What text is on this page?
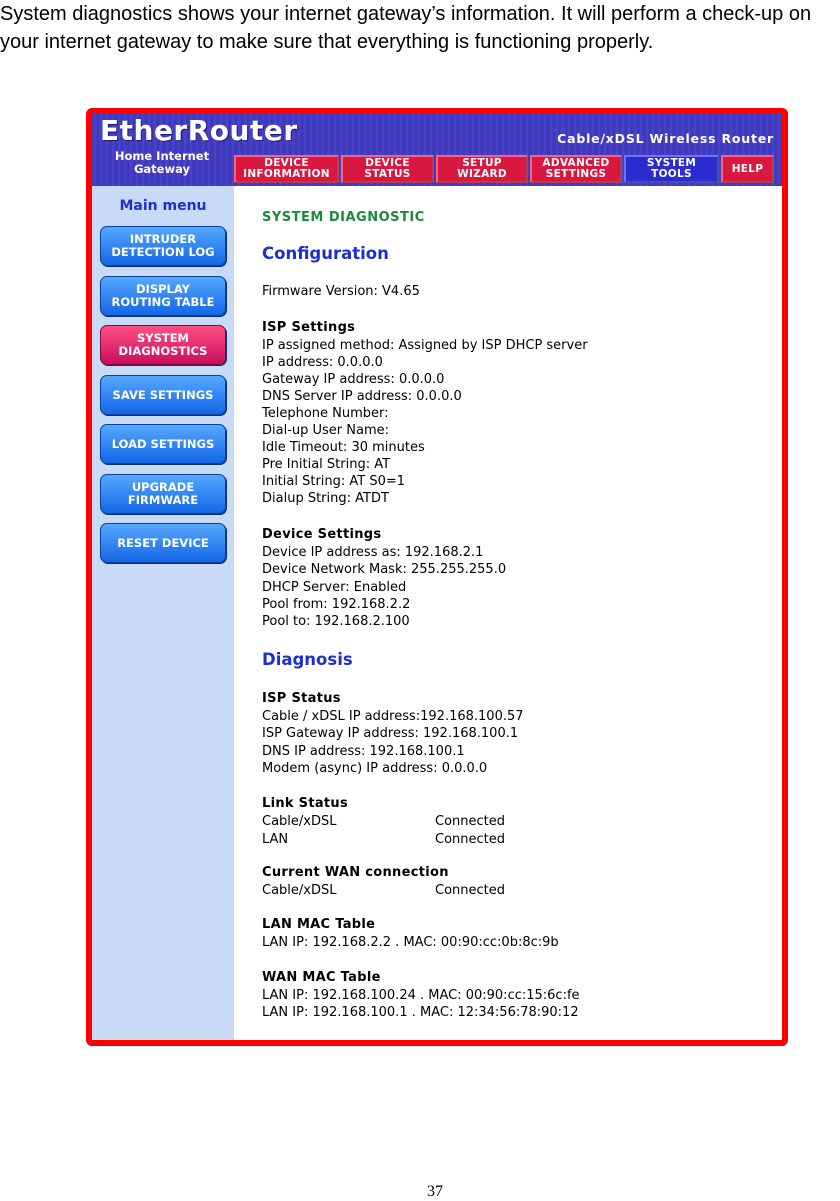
System diagnostics shows your internet gateway’s information. It will perform a check-up on your internet gateway to make sure that everything is functioning properly.
EtherRouter
Home Internet
Gateway
Cable/xDSL Wireless Router
DEVICE
INFORMATION
DEVICE
STATUS
SETUP
WIZARD
ADVANCED
SETTINGS
SYSTEM
TOOLS	HELP
Main menu
INTRUDER
DETECTION LOG
DISPLAY
ROUTING TABLE
SYSTEM
DIAGNOSTICS
SAVE SETTINGS
LOAD SETTINGS
UPGRADE
FIRMWARE
RESET DEVICE
SYSTEM DIAGNOSTIC
Configuration
Firmware Version: V4.65
ISP Settings
IP assigned method: Assigned by ISP DHCP server
IP address: 0.0.0.0
Gateway IP address: 0.0.0.0
DNS Server IP address: 0.0.0.0
Telephone Number:
Dial-up User Name:
Idle Timeout: 30 minutes
Pre Initial String: AT
Initial String: AT S0=1
Dialup String: ATDT
Device Settings
Device IP address as: 192.168.2.1
Device Network Mask: 255.255.255.0
DHCP Server: Enabled
Pool from: 192.168.2.2
Pool to: 192.168.2.100
Diagnosis
ISP Status
Cable / xDSL IP address:192.168.100.57
ISP Gateway IP address: 192.168.100.1
DNS IP address: 192.168.100.1
Modem (async) IP address: 0.0.0.0
Link Status
Cable/xDSL	Connected
LAN	Connected
Current WAN connection
Cable/xDSL	Connected
LAN MAC Table
LAN IP: 192.168.2.2 . MAC: 00:90:cc:0b:8c:9b
WAN MAC Table
LAN IP: 192.168.100.24 . MAC: 00:90:cc:15:6c:fe
LAN IP: 192.168.100.1 . MAC: 12:34:56:78:90:12
37
